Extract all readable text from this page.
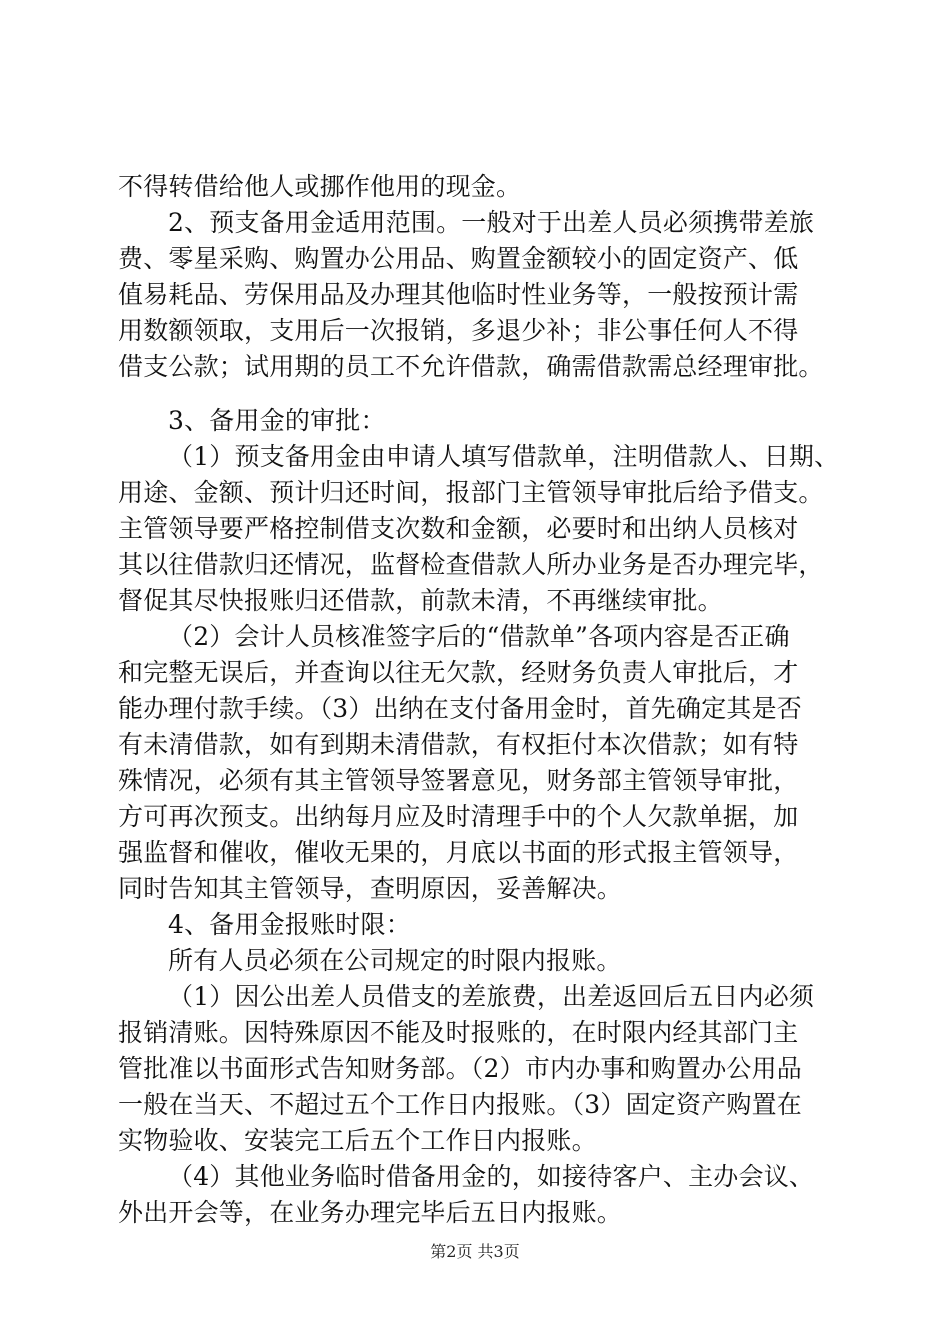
不得转借给他人或挪作他用的现金。
2、预支备用金适用范围。一般对于出差人员必须携带差旅
费、零星采购、购置办公用品、购置金额较小的固定资产、低
值易耗品、劳保用品及办理其他临时性业务等，一般按预计需
用数额领取，支用后一次报销，多退少补；非公事任何人不得
借支公款；试用期的员工不允许借款，确需借款需总经理审批。
3、备用金的审批：
（1）预支备用金由申请人填写借款单，注明借款人、日期、
用途、金额、预计归还时间，报部门主管领导审批后给予借支。
主管领导要严格控制借支次数和金额，必要时和出纳人员核对
其以往借款归还情况，监督检查借款人所办业务是否办理完毕，
督促其尽快报账归还借款，前款未清，不再继续审批。
（2）会计人员核准签字后的“借款单”各项内容是否正确
和完整无误后，并查询以往无欠款，经财务负责人审批后，才
能办理付款手续。（3）出纳在支付备用金时，首先确定其是否
有未清借款，如有到期未清借款，有权拒付本次借款；如有特
殊情况，必须有其主管领导签署意见，财务部主管领导审批，
方可再次预支。出纳每月应及时清理手中的个人欠款单据，加
强监督和催收，催收无果的，月底以书面的形式报主管领导，
同时告知其主管领导，查明原因，妥善解决。
4、备用金报账时限：
所有人员必须在公司规定的时限内报账。
（1）因公出差人员借支的差旅费，出差返回后五日内必须
报销清账。因特殊原因不能及时报账的，在时限内经其部门主
管批准以书面形式告知财务部。（2）市内办事和购置办公用品
一般在当天、不超过五个工作日内报账。（3）固定资产购置在
实物验收、安装完工后五个工作日内报账。
（4）其他业务临时借备用金的，如接待客户、主办会议、
外出开会等，在业务办理完毕后五日内报账。
第2页 共3页
